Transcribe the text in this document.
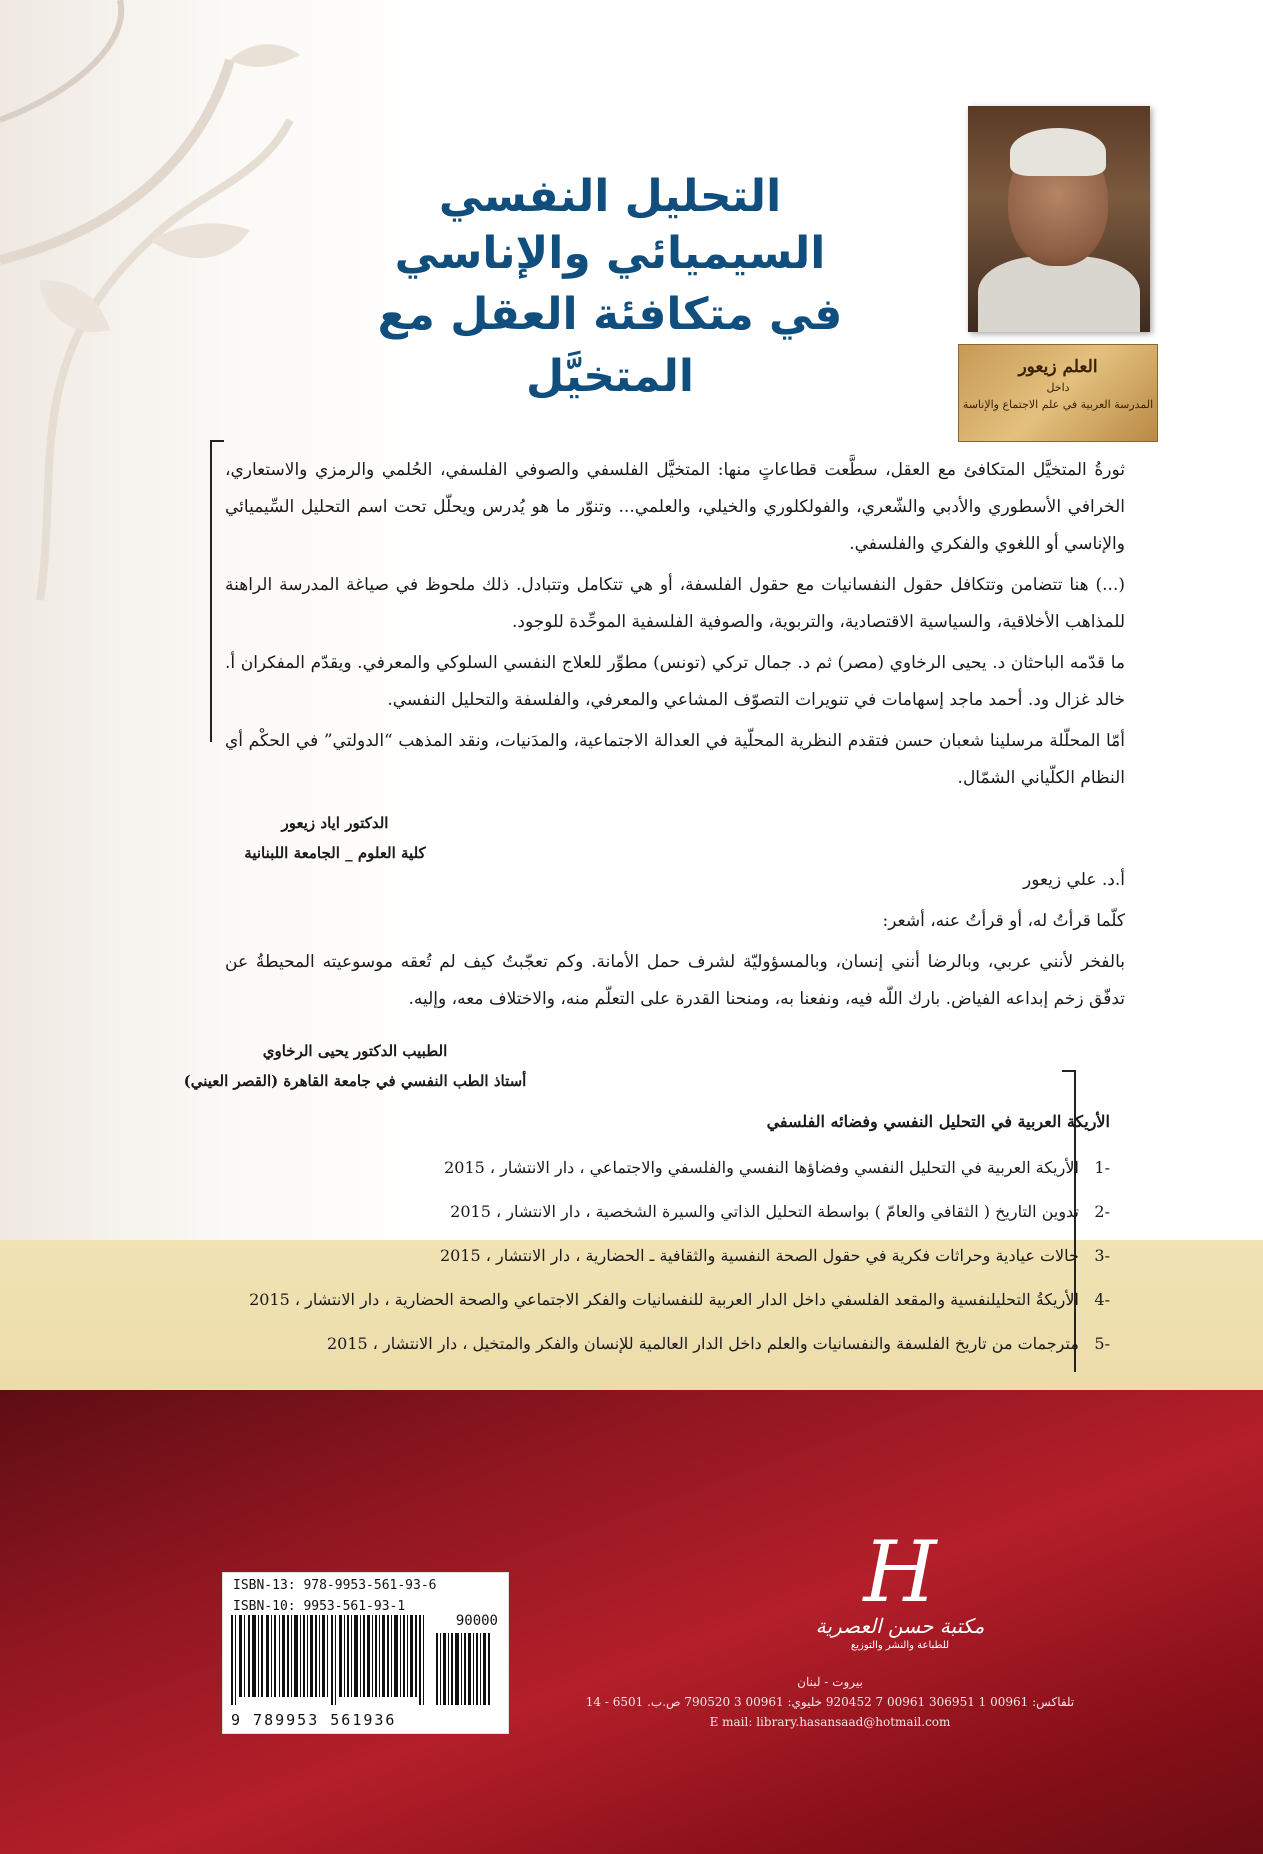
التحليل النفسي
السيميائي والإناسي
في متكافئة العقل مع المتخيَّل	العلم زيعور
داخل
المدرسة العربية في علم الاجتماع والإناسة

ثورةُ المتخيَّل المتكافئ مع العقل، سطَّعت قطاعاتٍ منها: المتخيَّل الفلسفي والصوفي الفلسفي، الحُلمي والرمزي والاستعاري، الخرافي الأسطوري والأدبي والشّعري، والفولكلوري والخيلي، والعلمي... وتنوّر ما هو يُدرس ويحلّل تحت اسم التحليل السِّيميائي والإناسي أو اللغوي والفكري والفلسفي.

(...) هنا تتضامن وتتكافل حقول النفسانيات مع حقول الفلسفة، أو هي تتكامل وتتبادل. ذلك ملحوظ في صياغة المدرسة الراهنة للمذاهب الأخلاقية، والسياسية الاقتصادية، والتربوية، والصوفية الفلسفية الموحِّدة للوجود.

ما قدّمه الباحثان د. يحيى الرخاوي (مصر) ثم د. جمال تركي (تونس) مطوِّر للعلاج النفسي السلوكي والمعرفي. ويقدّم المفكران أ. خالد غزال ود. أحمد ماجد إسهامات في تنويرات التصوّف المشاعي والمعرفي، والفلسفة والتحليل النفسي.

أمّا المحلّلة مرسلينا شعبان حسن فتقدم النظرية المحلّية في العدالة الاجتماعية، والمدَنيات، ونقد المذهب “الدولتي” في الحكْم أي النظام الكلّياني الشمّال.

الدكتور اياد زيعور
كلية العلوم _ الجامعة اللبنانية

أ.د. علي زيعور

كلّما قرأتُ له، أو قرأتُ عنه، أشعر:

بالفخر لأنني عربي، وبالرضا أنني إنسان، وبالمسؤوليّة لشرف حمل الأمانة. وكم تعجّبتُ كيف لم تُعقه موسوعيته المحيطةُ عن تدفّق زخم إبداعه الفياض. بارك اللّه فيه، ونفعنا به، ومنحنا القدرة على التعلّم منه، والاختلاف معه، وإليه.

الطبيب الدكتور يحيى الرخاوي
أستاذ الطب النفسي في جامعة القاهرة (القصر العيني)
الأريكة العربية في التحليل النفسي وفضائه الفلسفي
-1 الأريكة العربية في التحليل النفسي وفضاؤها النفسي والفلسفي والاجتماعي ، دار الانتشار ، 2015
-2 تدوين التاريخ ( الثقافي والعامّ ) بواسطة التحليل الذاتي والسيرة الشخصية ، دار الانتشار ، 2015
-3 حالات عيادية وحراثات فكرية في حقول الصحة النفسية والثقافية ـ الحضارية ، دار الانتشار ، 2015
-4 الأريكةُ التحليلنفسية والمقعد الفلسفي داخل الدار العربية للنفسانيات والفكر الاجتماعي والصحة الحضارية ، دار الانتشار ، 2015
-5 مترجمات من تاريخ الفلسفة والنفسانيات والعلم داخل الدار العالمية للإنسان والفكر والمتخيل ، دار الانتشار ، 2015
ISBN-13: 978-9953-561-93-6
ISBN-10: 9953-561-93-1
90000
9 789953 561936
H
مكتبة حسن العصرية
للطباعة والنشر والتوزيع
بيروت - لبنان
تلفاكس: 00961 1 306951 00961 7 920452 خليوي: 00961 3 790520 ص.ب. 6501 - 14
E mail: library.hasansaad@hotmail.com
